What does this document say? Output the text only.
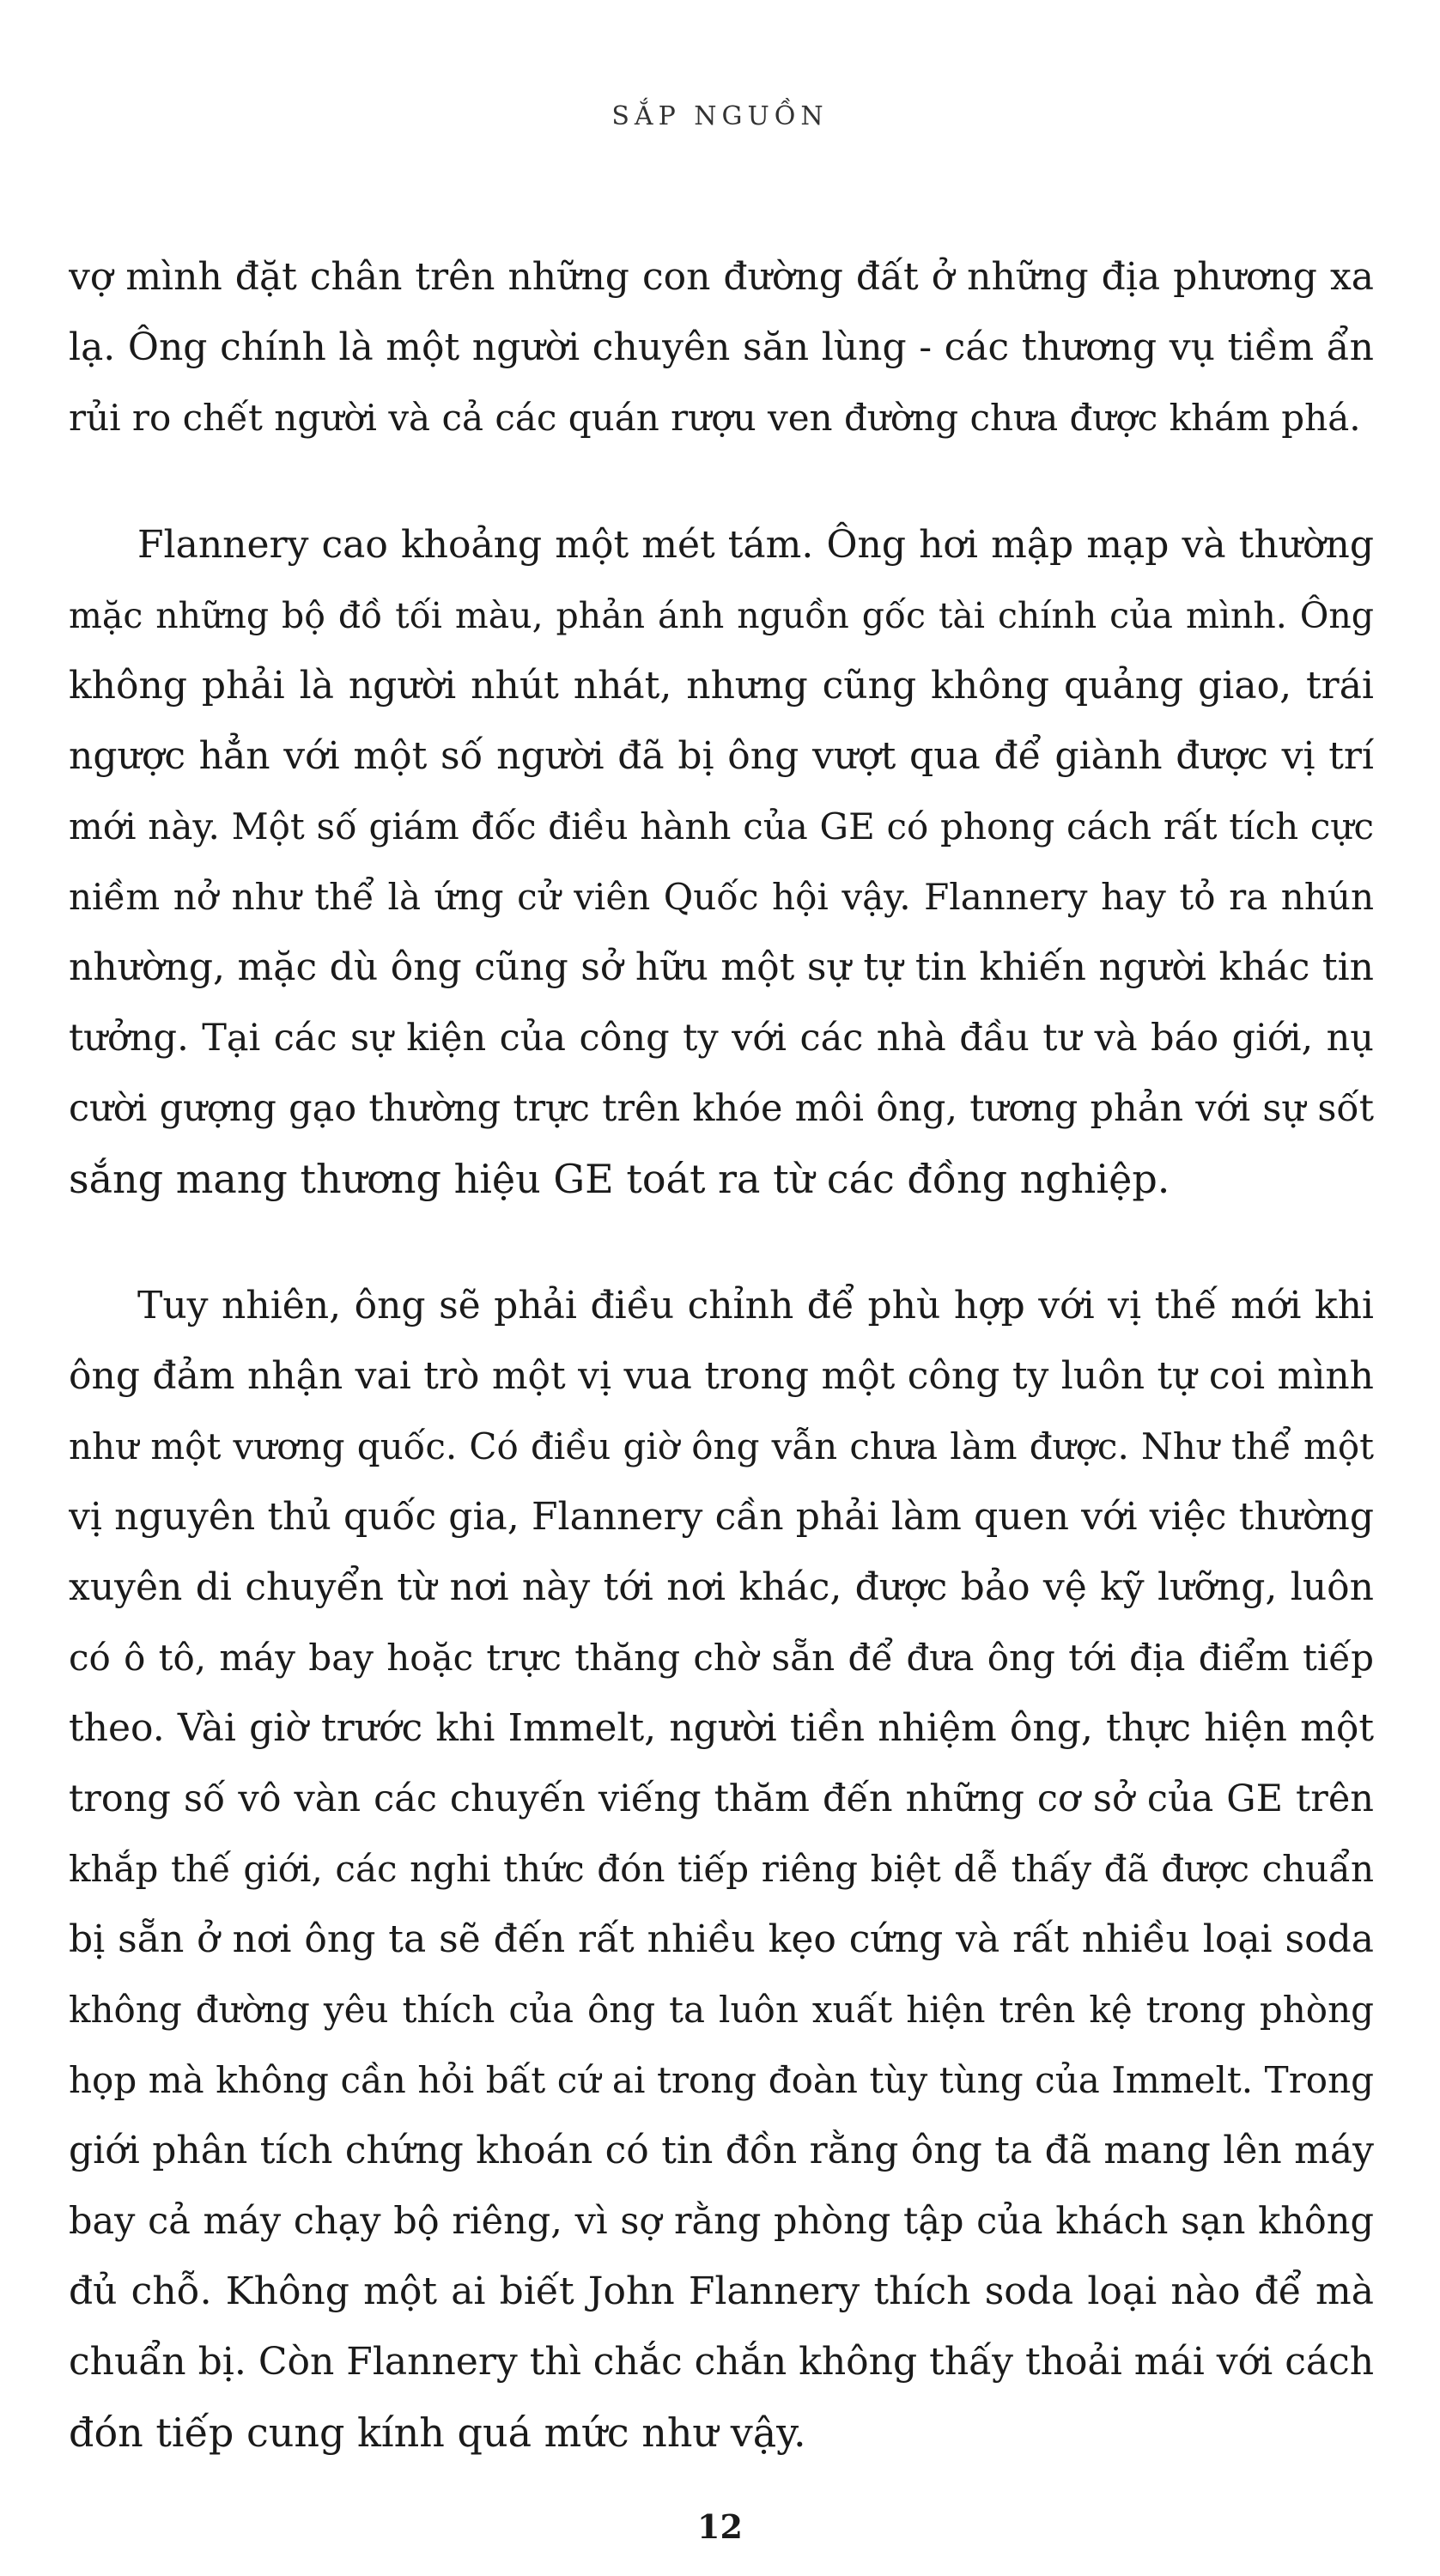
SẮP NGUỒN
vợ mình đặt chân trên những con đường đất ở những địa phương xa
lạ. Ông chính là một người chuyên săn lùng - các thương vụ tiềm ẩn
rủi ro chết người và cả các quán rượu ven đường chưa được khám phá.
Flannery cao khoảng một mét tám. Ông hơi mập mạp và thường
mặc những bộ đồ tối màu, phản ánh nguồn gốc tài chính của mình. Ông
không phải là người nhút nhát, nhưng cũng không quảng giao, trái
ngược hẳn với một số người đã bị ông vượt qua để giành được vị trí
mới này. Một số giám đốc điều hành của GE có phong cách rất tích cực
niềm nở như thể là ứng cử viên Quốc hội vậy. Flannery hay tỏ ra nhún
nhường, mặc dù ông cũng sở hữu một sự tự tin khiến người khác tin
tưởng. Tại các sự kiện của công ty với các nhà đầu tư và báo giới, nụ
cười gượng gạo thường trực trên khóe môi ông, tương phản với sự sốt
sắng mang thương hiệu GE toát ra từ các đồng nghiệp.
Tuy nhiên, ông sẽ phải điều chỉnh để phù hợp với vị thế mới khi
ông đảm nhận vai trò một vị vua trong một công ty luôn tự coi mình
như một vương quốc. Có điều giờ ông vẫn chưa làm được. Như thể một
vị nguyên thủ quốc gia, Flannery cần phải làm quen với việc thường
xuyên di chuyển từ nơi này tới nơi khác, được bảo vệ kỹ lưỡng, luôn
có ô tô, máy bay hoặc trực thăng chờ sẵn để đưa ông tới địa điểm tiếp
theo. Vài giờ trước khi Immelt, người tiền nhiệm ông, thực hiện một
trong số vô vàn các chuyến viếng thăm đến những cơ sở của GE trên
khắp thế giới, các nghi thức đón tiếp riêng biệt dễ thấy đã được chuẩn
bị sẵn ở nơi ông ta sẽ đến rất nhiều kẹo cứng và rất nhiều loại soda
không đường yêu thích của ông ta luôn xuất hiện trên kệ trong phòng
họp mà không cần hỏi bất cứ ai trong đoàn tùy tùng của Immelt. Trong
giới phân tích chứng khoán có tin đồn rằng ông ta đã mang lên máy
bay cả máy chạy bộ riêng, vì sợ rằng phòng tập của khách sạn không
đủ chỗ. Không một ai biết John Flannery thích soda loại nào để mà
chuẩn bị. Còn Flannery thì chắc chắn không thấy thoải mái với cách
đón tiếp cung kính quá mức như vậy.
12
